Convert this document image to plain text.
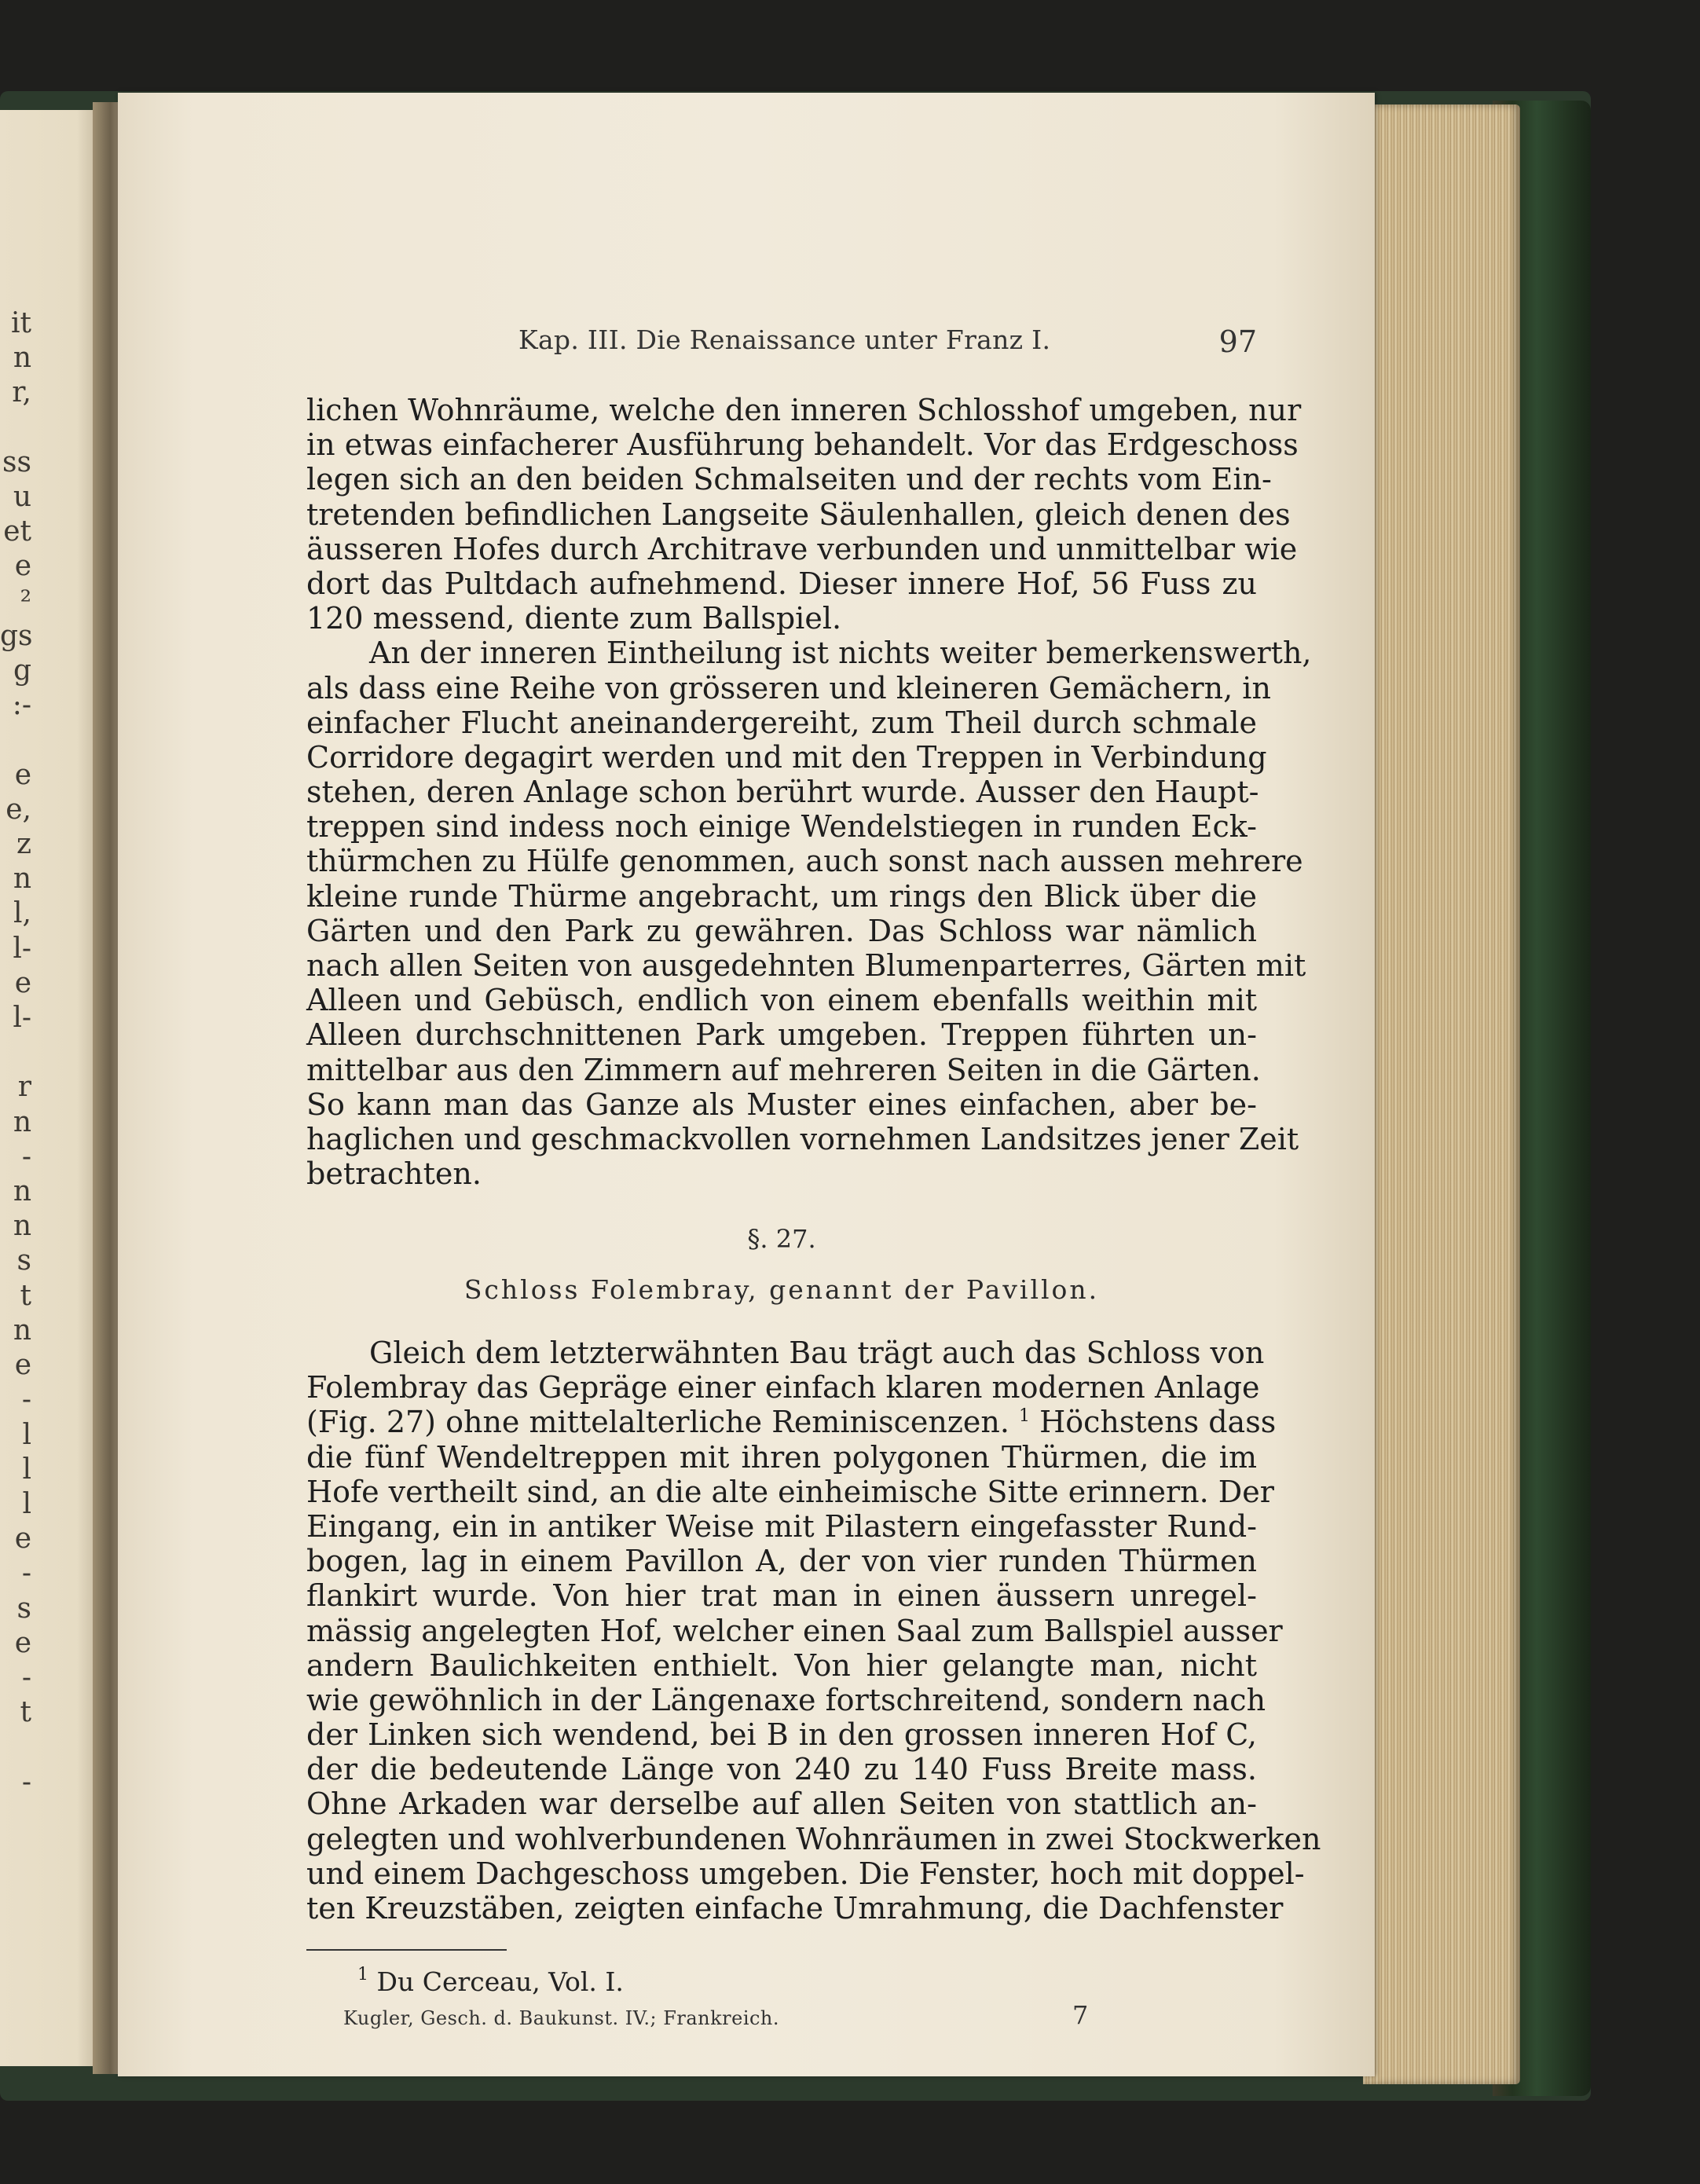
it
n
r,

ss
u
et
e
²
gs
g
:-

e
e,
z
n
l,
l-
e
l-

r
n
-
n
n
s
t
n
e
-
l
l
l
e
-
s
e
-
t

-
Kap. III. Die Renaissance unter Franz I.	97
lichen Wohnräume, welche den inneren Schlosshof umgeben, nur
in etwas einfacherer Ausführung behandelt. Vor das Erdgeschoss
legen sich an den beiden Schmalseiten und der rechts vom Ein-
tretenden befindlichen Langseite Säulenhallen, gleich denen des
äusseren Hofes durch Architrave verbunden und unmittelbar wie
dort das Pultdach aufnehmend. Dieser innere Hof, 56 Fuss zu
120 messend, diente zum Ballspiel.
An der inneren Eintheilung ist nichts weiter bemerkenswerth,
als dass eine Reihe von grösseren und kleineren Gemächern, in
einfacher Flucht aneinandergereiht, zum Theil durch schmale
Corridore degagirt werden und mit den Treppen in Verbindung
stehen, deren Anlage schon berührt wurde. Ausser den Haupt-
treppen sind indess noch einige Wendelstiegen in runden Eck-
thürmchen zu Hülfe genommen, auch sonst nach aussen mehrere
kleine runde Thürme angebracht, um rings den Blick über die
Gärten und den Park zu gewähren. Das Schloss war nämlich
nach allen Seiten von ausgedehnten Blumenparterres, Gärten mit
Alleen und Gebüsch, endlich von einem ebenfalls weithin mit
Alleen durchschnittenen Park umgeben. Treppen führten un-
mittelbar aus den Zimmern auf mehreren Seiten in die Gärten.
So kann man das Ganze als Muster eines einfachen, aber be-
haglichen und geschmackvollen vornehmen Landsitzes jener Zeit
betrachten.
§. 27.
Schloss Folembray, genannt der Pavillon.
Gleich dem letzterwähnten Bau trägt auch das Schloss von
Folembray das Gepräge einer einfach klaren modernen Anlage
(Fig. 27) ohne mittelalterliche Reminiscenzen. $^1$ Höchstens dass
die fünf Wendeltreppen mit ihren polygonen Thürmen, die im
Hofe vertheilt sind, an die alte einheimische Sitte erinnern. Der
Eingang, ein in antiker Weise mit Pilastern eingefasster Rund-
bogen, lag in einem Pavillon A, der von vier runden Thürmen
flankirt wurde. Von hier trat man in einen äussern unregel-
mässig angelegten Hof, welcher einen Saal zum Ballspiel ausser
andern Baulichkeiten enthielt. Von hier gelangte man, nicht
wie gewöhnlich in der Längenaxe fortschreitend, sondern nach
der Linken sich wendend, bei B in den grossen inneren Hof C,
der die bedeutende Länge von 240 zu 140 Fuss Breite mass.
Ohne Arkaden war derselbe auf allen Seiten von stattlich an-
gelegten und wohlverbundenen Wohnräumen in zwei Stockwerken
und einem Dachgeschoss umgeben. Die Fenster, hoch mit doppel-
ten Kreuzstäben, zeigten einfache Umrahmung, die Dachfenster
$^1$ Du Cerceau, Vol. I.
Kugler, Gesch. d. Baukunst. IV.; Frankreich.	7
